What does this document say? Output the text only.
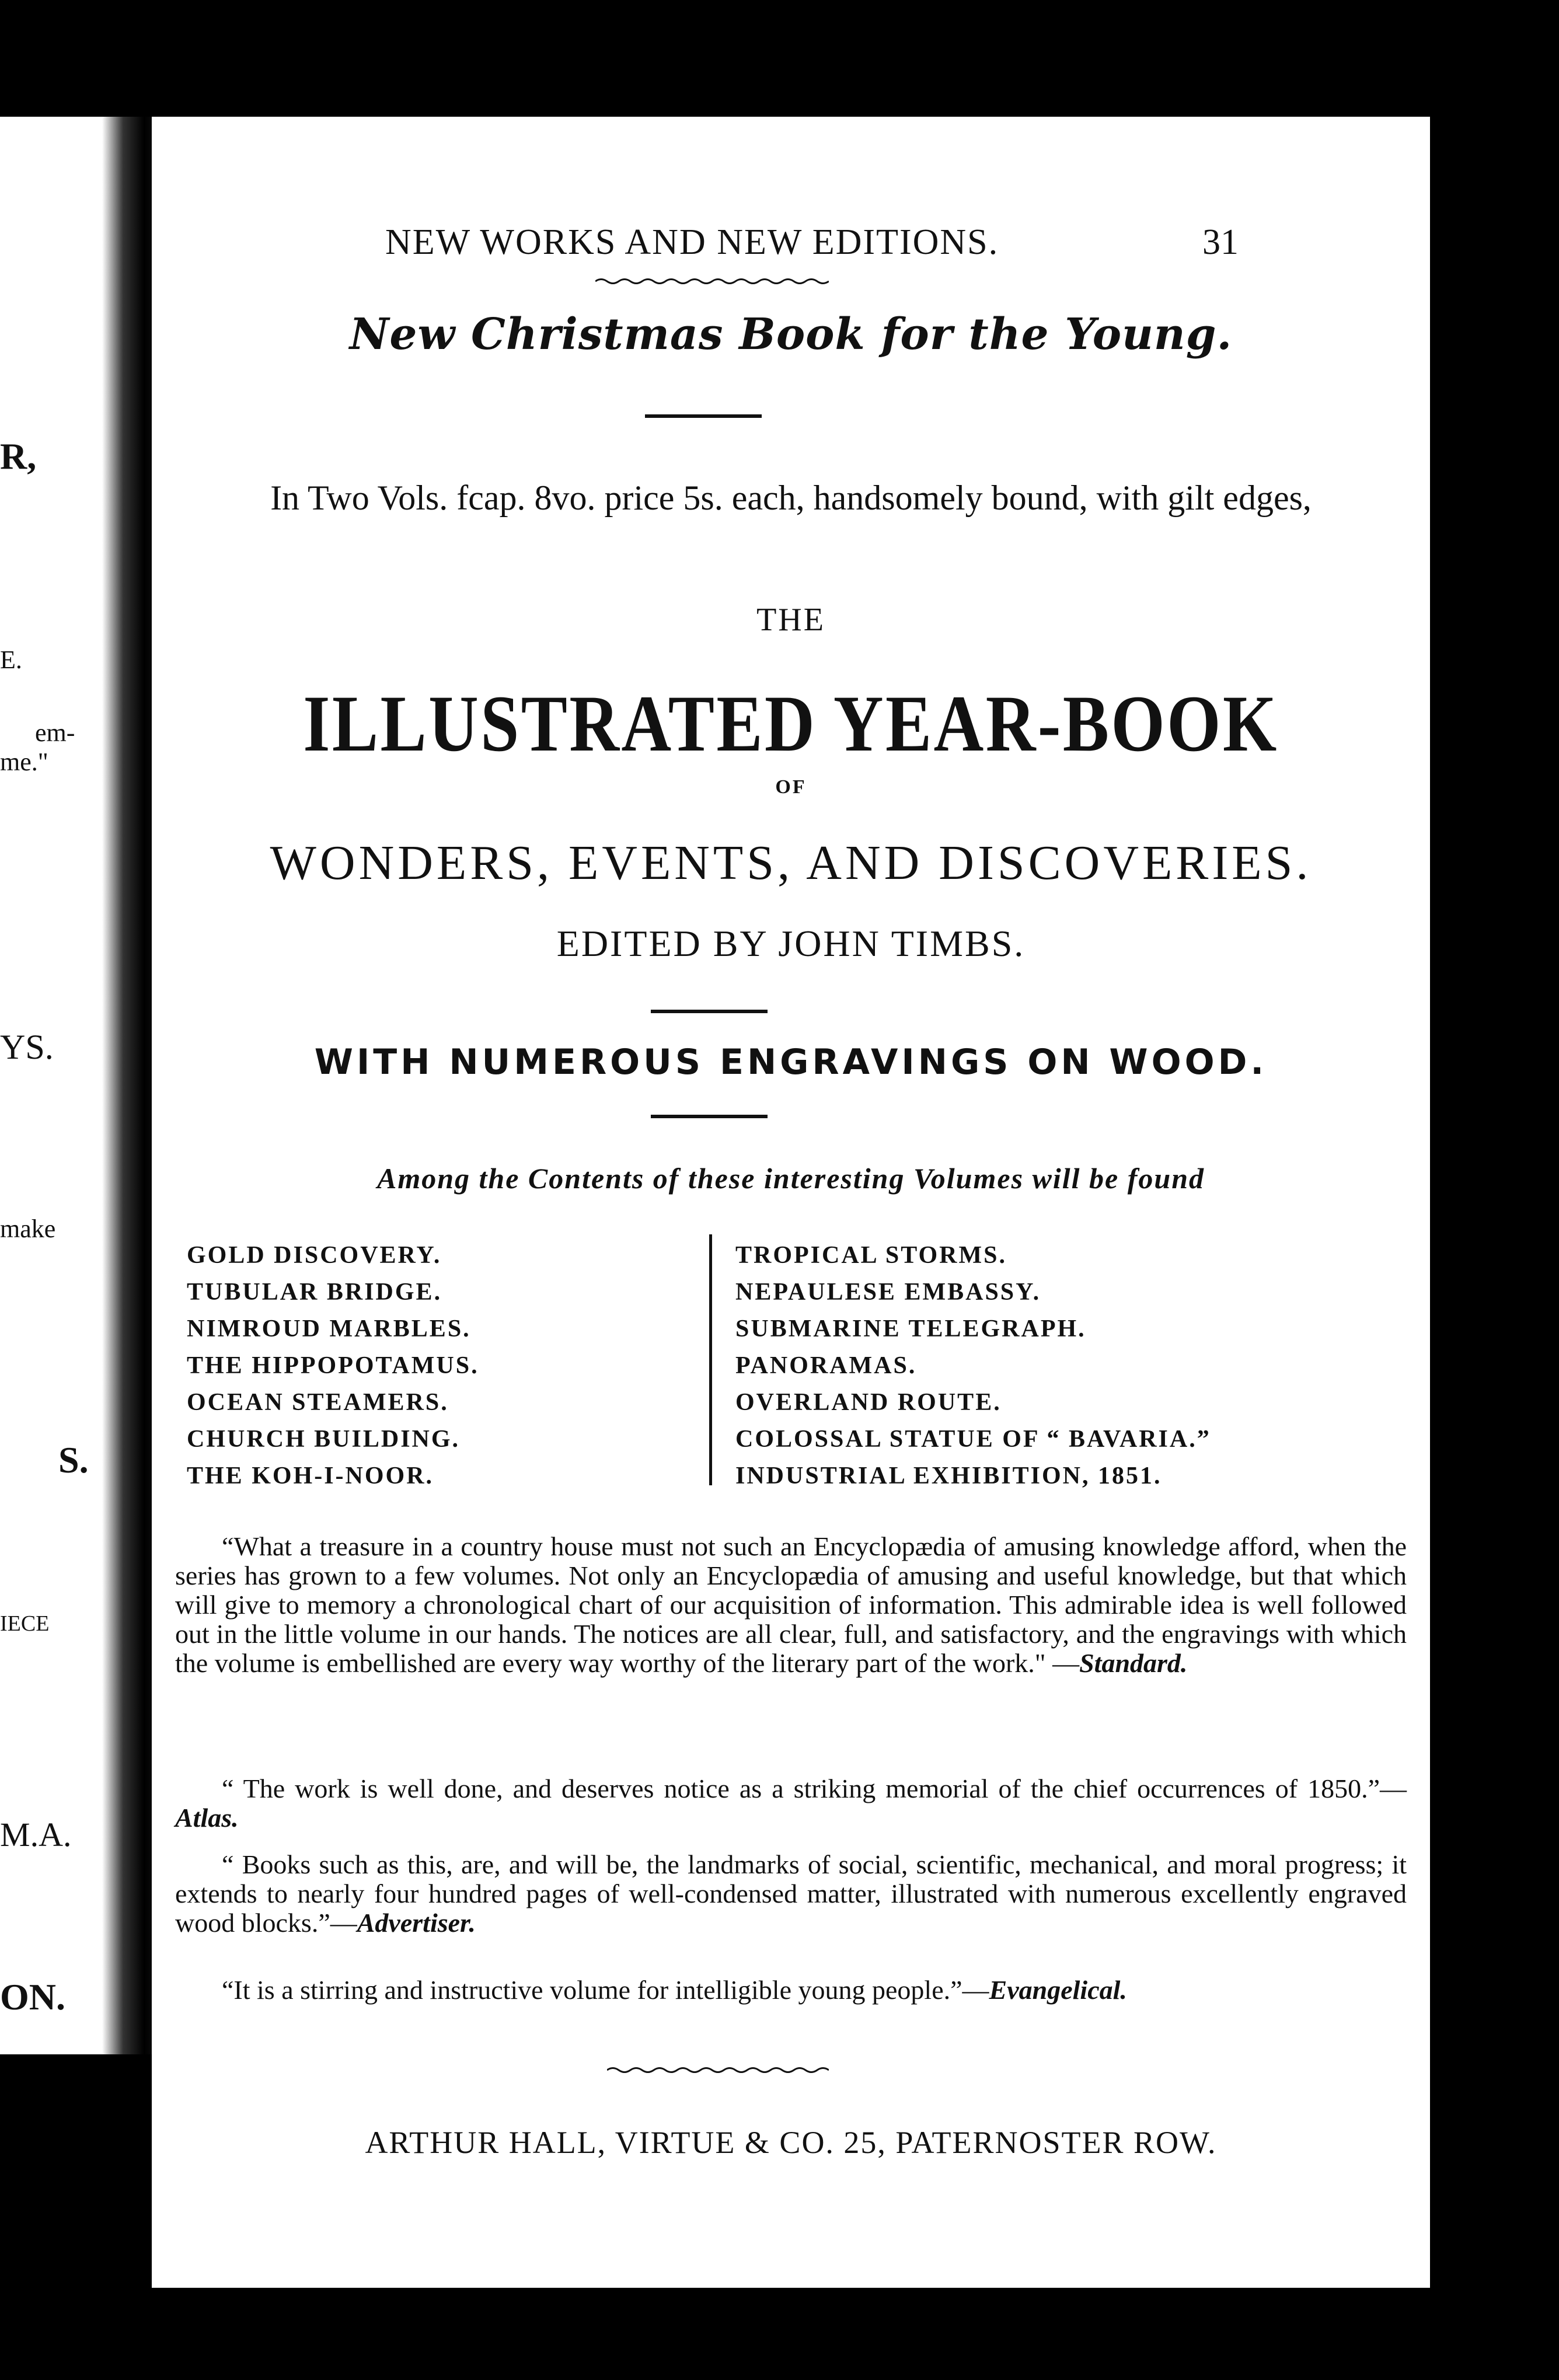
R,
E.
em-
me."
YS.
make
S.
IECE
M.A.
ON.
NEW WORKS AND NEW EDITIONS.	31
New Christmas Book for the Young.
In Two Vols. fcap. 8vo. price 5s. each, handsomely bound, with gilt edges,
THE
ILLUSTRATED YEAR-BOOK
OF
WONDERS, EVENTS, AND DISCOVERIES.
EDITED BY JOHN TIMBS.
WITH NUMEROUS ENGRAVINGS ON WOOD.
Among the Contents of these interesting Volumes will be found
GOLD DISCOVERY.
TUBULAR BRIDGE.
NIMROUD MARBLES.
THE HIPPOPOTAMUS.
OCEAN STEAMERS.
CHURCH BUILDING.
THE KOH-I-NOOR.
TROPICAL STORMS.
NEPAULESE EMBASSY.
SUBMARINE TELEGRAPH.
PANORAMAS.
OVERLAND ROUTE.
COLOSSAL STATUE OF “ BAVARIA.”
INDUSTRIAL EXHIBITION, 1851.
“What a treasure in a country house must not such an Encyclopædia of amusing knowledge afford, when the series has grown to a few volumes. Not only an Encyclopædia of amusing and useful knowledge, but that which will give to memory a chronological chart of our acquisition of information. This admirable idea is well followed out in the little volume in our hands. The notices are all clear, full, and satisfactory, and the engravings with which the volume is embellished are every way worthy of the literary part of the work." —Standard.
“ The work is well done, and deserves notice as a striking memorial of the chief occurrences of 1850.”—Atlas.
“ Books such as this, are, and will be, the landmarks of social, scientific, mechanical, and moral progress; it extends to nearly four hundred pages of well-condensed matter, illustrated with numerous excellently engraved wood blocks.”—Advertiser.
“It is a stirring and instructive volume for intelligible young people.”—Evangelical.
ARTHUR HALL, VIRTUE & CO. 25, PATERNOSTER ROW.
